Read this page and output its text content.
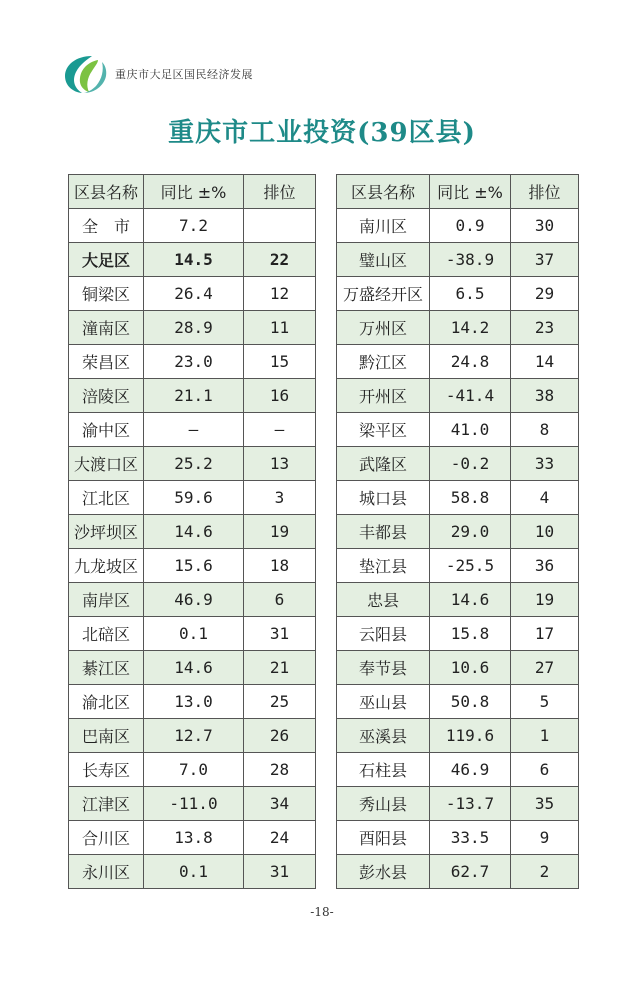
重庆市大足区国民经济发展
重庆市工业投资(39区县)
区县名称	同比 ±%	排位
全　市	7.2	
大足区	14.5	22
铜梁区	26.4	12
潼南区	28.9	11
荣昌区	23.0	15
涪陵区	21.1	16
渝中区	—	—
大渡口区	25.2	13
江北区	59.6	3
沙坪坝区	14.6	19
九龙坡区	15.6	18
南岸区	46.9	6
北碚区	0.1	31
綦江区	14.6	21
渝北区	13.0	25
巴南区	12.7	26
长寿区	7.0	28
江津区	-11.0	34
合川区	13.8	24
永川区	0.1	31
区县名称	同比 ±%	排位
南川区	0.9	30
璧山区	-38.9	37
万盛经开区	6.5	29
万州区	14.2	23
黔江区	24.8	14
开州区	-41.4	38
梁平区	41.0	8
武隆区	-0.2	33
城口县	58.8	4
丰都县	29.0	10
垫江县	-25.5	36
忠县	14.6	19
云阳县	15.8	17
奉节县	10.6	27
巫山县	50.8	5
巫溪县	119.6	1
石柱县	46.9	6
秀山县	-13.7	35
酉阳县	33.5	9
彭水县	62.7	2
-18-
